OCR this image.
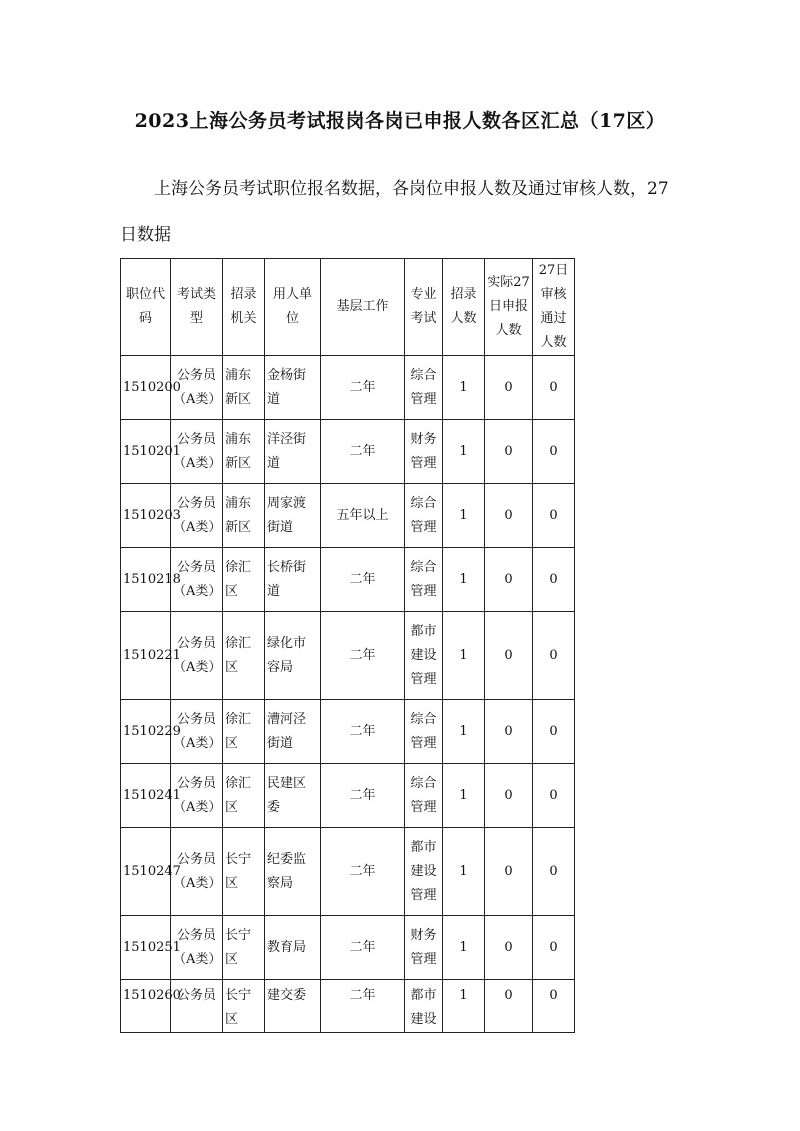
2023上海公务员考试报岗各岗已申报人数各区汇总（17区）
上海公务员考试职位报名数据，各岗位申报人数及通过审核人数，27日数据
职位代码	考试类型	招录机关	用人单位	基层工作	专业考试	招录人数	实际27日申报人数	27日审核通过人数
1510200	公务员（A类）	浦东新区	金杨街道	二年	综合管理	1	0	0
1510201	公务员（A类）	浦东新区	洋泾街道	二年	财务管理	1	0	0
1510203	公务员（A类）	浦东新区	周家渡街道	五年以上	综合管理	1	0	0
1510218	公务员（A类）	徐汇区	长桥街道	二年	综合管理	1	0	0
1510221	公务员（A类）	徐汇区	绿化市容局	二年	都市建设管理	1	0	0
1510229	公务员（A类）	徐汇区	漕河泾街道	二年	综合管理	1	0	0
1510241	公务员（A类）	徐汇区	民建区委	二年	综合管理	1	0	0
1510247	公务员（A类）	长宁区	纪委监察局	二年	都市建设管理	1	0	0
1510251	公务员（A类）	长宁区	教育局	二年	财务管理	1	0	0
1510260	公务员	长宁区	建交委	二年	都市建设	1	0	0
